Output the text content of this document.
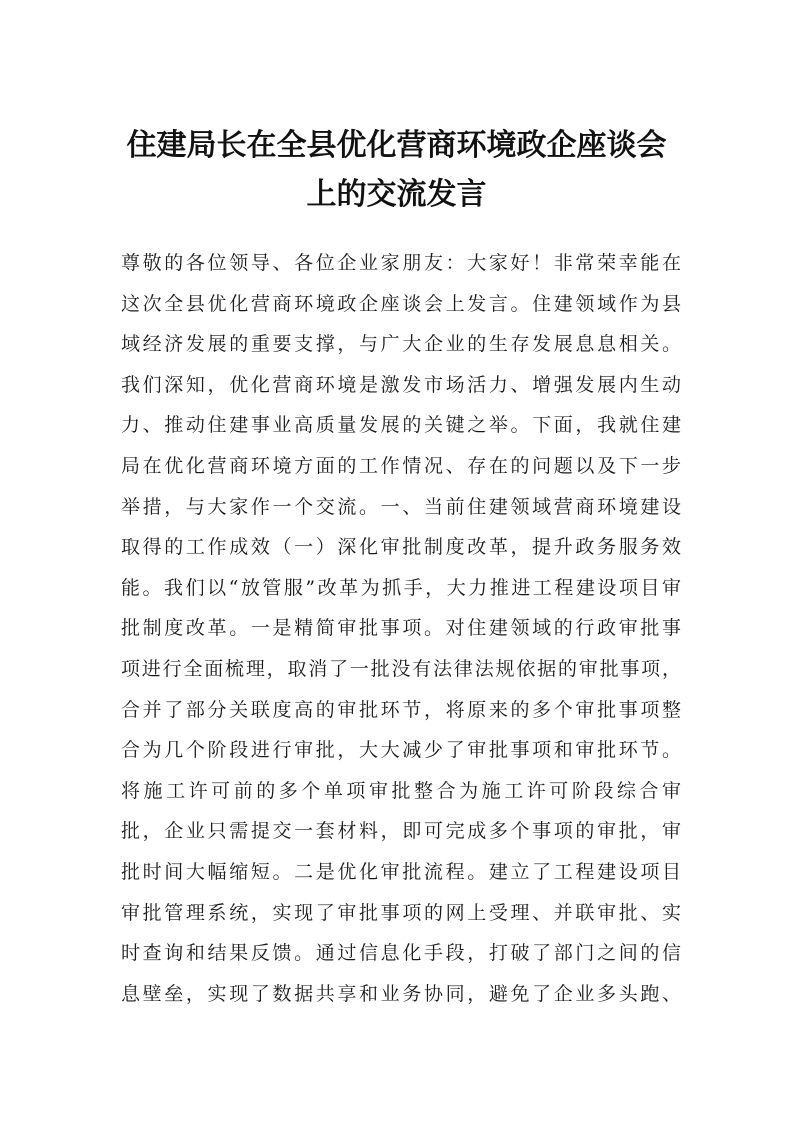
住建局长在全县优化营商环境政企座谈会
上的交流发言
尊敬的各位领导、各位企业家朋友：大家好！非常荣幸能在
这次全县优化营商环境政企座谈会上发言。住建领域作为县
域经济发展的重要支撑，与广大企业的生存发展息息相关。
我们深知，优化营商环境是激发市场活力、增强发展内生动
力、推动住建事业高质量发展的关键之举。下面，我就住建
局在优化营商环境方面的工作情况、存在的问题以及下一步
举措，与大家作一个交流。一、当前住建领域营商环境建设
取得的工作成效（一）深化审批制度改革，提升政务服务效
能。我们以“放管服”改革为抓手，大力推进工程建设项目审
批制度改革。一是精简审批事项。对住建领域的行政审批事
项进行全面梳理，取消了一批没有法律法规依据的审批事项，
合并了部分关联度高的审批环节，将原来的多个审批事项整
合为几个阶段进行审批，大大减少了审批事项和审批环节。
将施工许可前的多个单项审批整合为施工许可阶段综合审
批，企业只需提交一套材料，即可完成多个事项的审批，审
批时间大幅缩短。二是优化审批流程。建立了工程建设项目
审批管理系统，实现了审批事项的网上受理、并联审批、实
时查询和结果反馈。通过信息化手段，打破了部门之间的信
息壁垒，实现了数据共享和业务协同，避免了企业多头跑、
